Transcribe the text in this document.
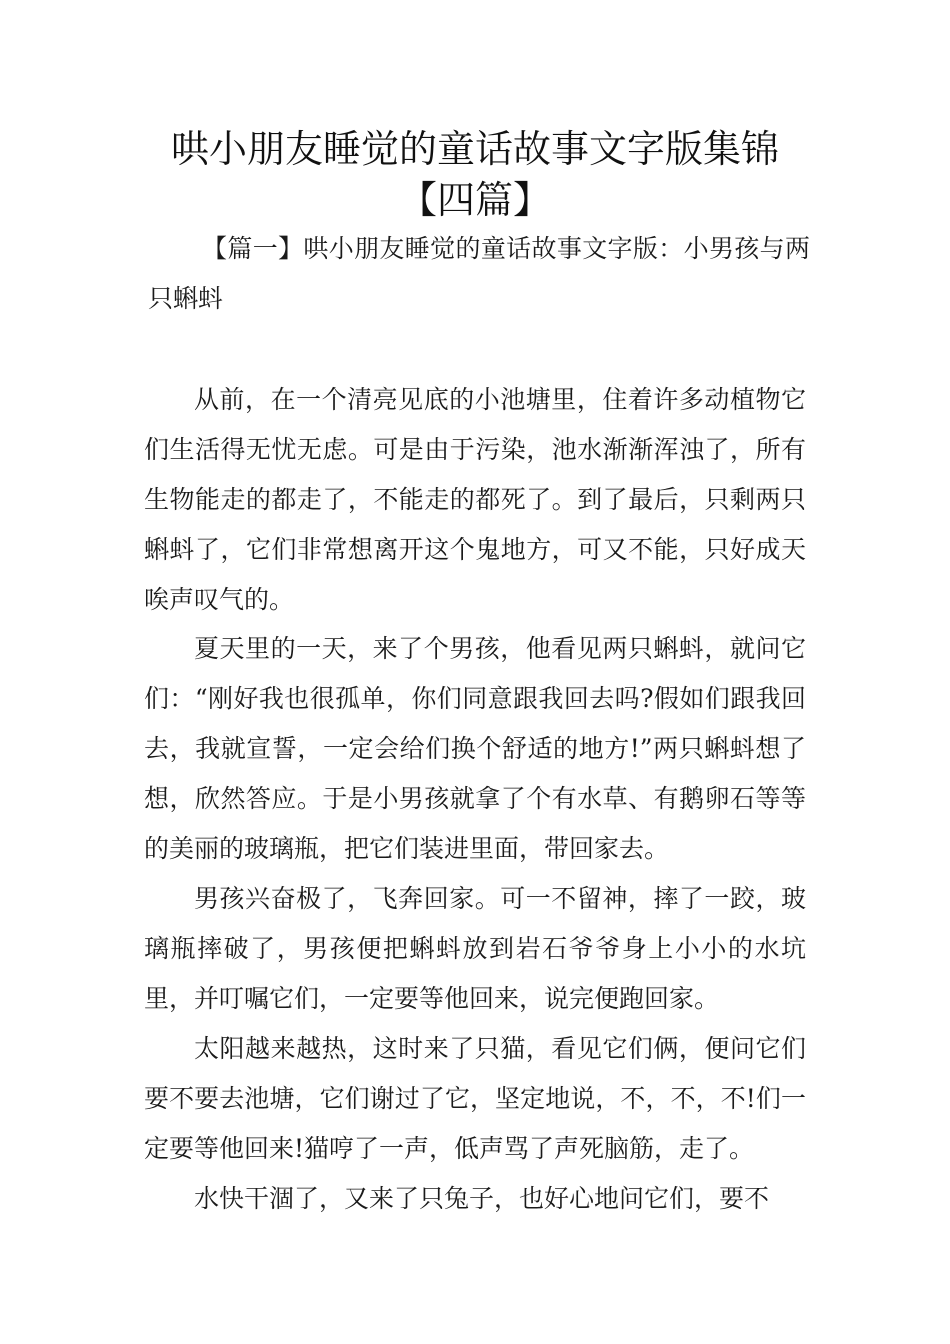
哄小朋友睡觉的童话故事文字版集锦【四篇】

【篇一】哄小朋友睡觉的童话故事文字版：小男孩与两只蝌蚪

从前，在一个清亮见底的小池塘里，住着许多动植物它们生活得无忧无虑。可是由于污染，池水渐渐浑浊了，所有生物能走的都走了，不能走的都死了。到了最后，只剩两只蝌蚪了，它们非常想离开这个鬼地方，可又不能，只好成天唉声叹气的。

夏天里的一天，来了个男孩，他看见两只蝌蚪，就问它们：“刚好我也很孤单，你们同意跟我回去吗?假如们跟我回去，我就宣誓，一定会给们换个舒适的地方!”两只蝌蚪想了想，欣然答应。于是小男孩就拿了个有水草、有鹅卵石等等的美丽的玻璃瓶，把它们装进里面，带回家去。

男孩兴奋极了，飞奔回家。可一不留神，摔了一跤，玻璃瓶摔破了，男孩便把蝌蚪放到岩石爷爷身上小小的水坑里，并叮嘱它们，一定要等他回来，说完便跑回家。

太阳越来越热，这时来了只猫，看见它们俩，便问它们要不要去池塘，它们谢过了它，坚定地说，不，不，不!们一定要等他回来!猫哼了一声，低声骂了声死脑筋，走了。

水快干涸了，又来了只兔子，也好心地问它们，要不
